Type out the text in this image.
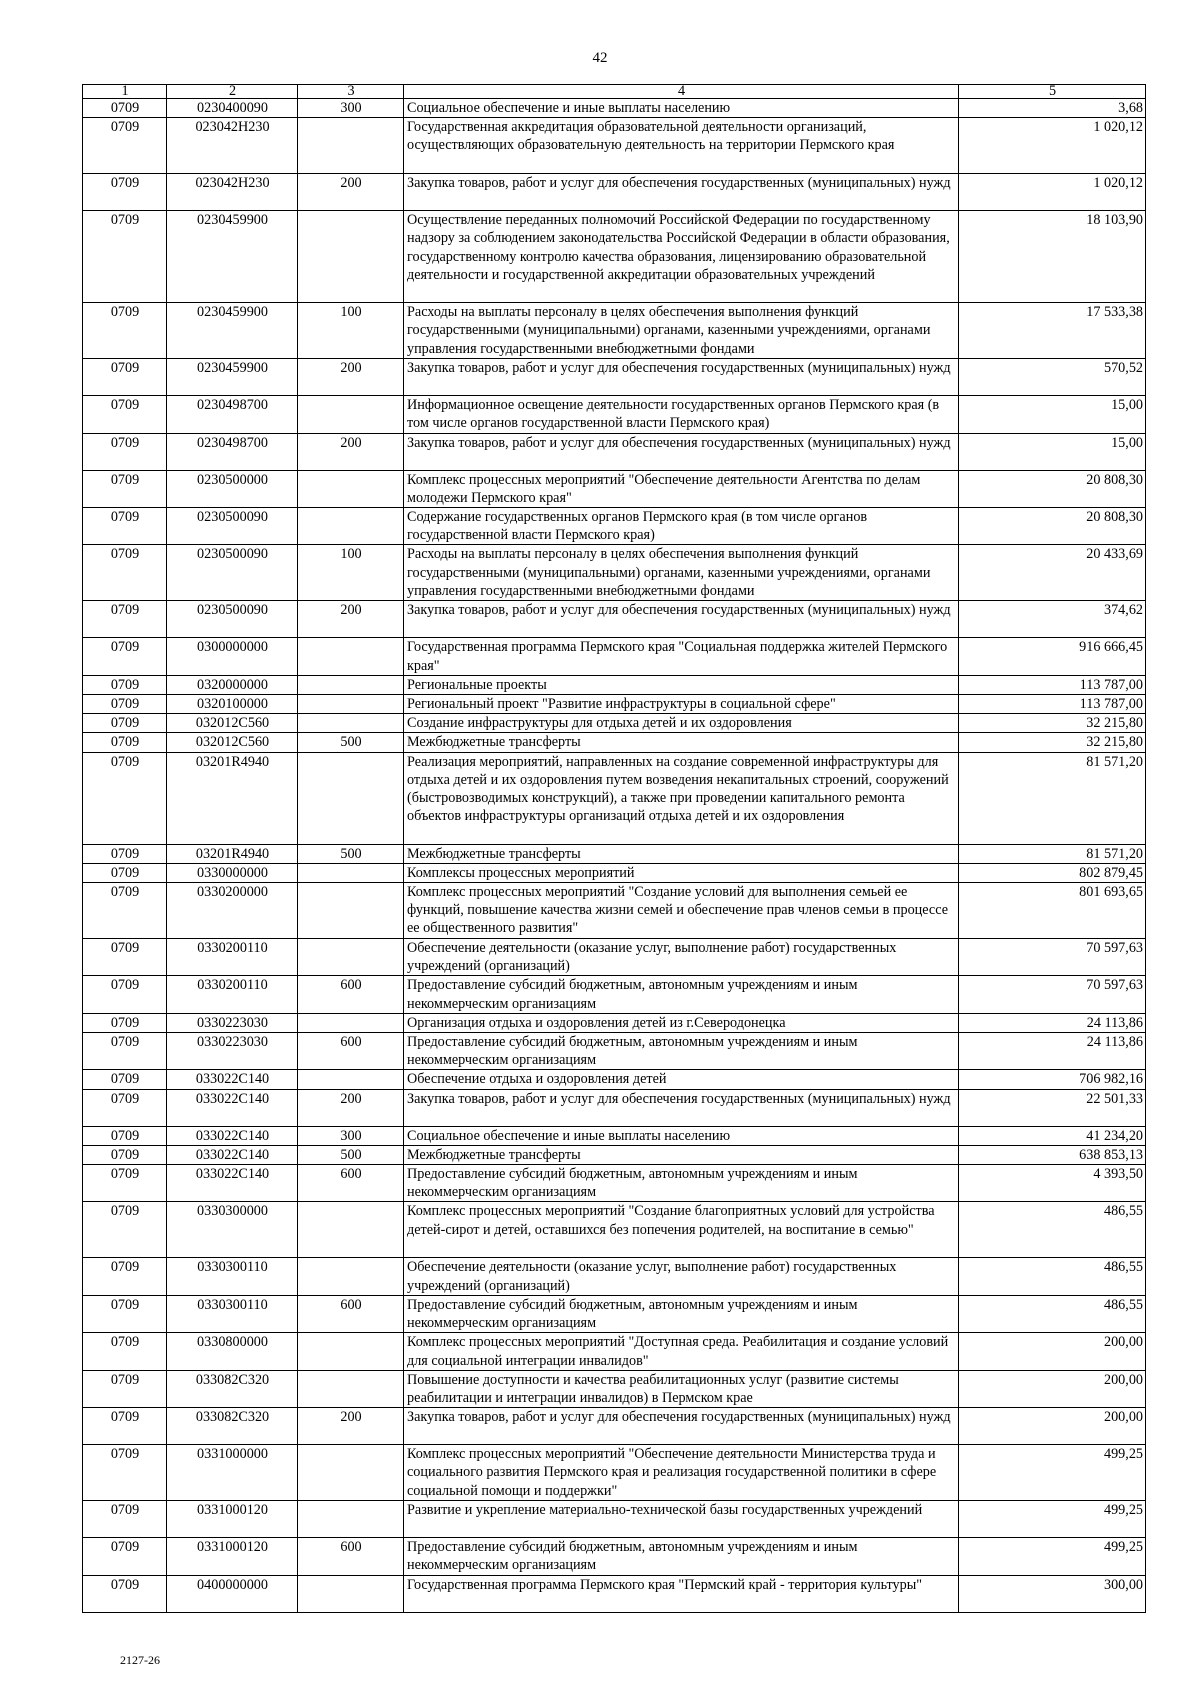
42
1	2	3	4	5
0709	0230400090	300	Социальное обеспечение и иные выплаты населению	3,68
0709	023042Н230		Государственная аккредитация образовательной деятельности организаций, осуществляющих образовательную деятельность на территории Пермского края	1 020,12
0709	023042Н230	200	Закупка товаров, работ и услуг для обеспечения государственных (муниципальных) нужд	1 020,12
0709	0230459900		Осуществление переданных полномочий Российской Федерации по государственному надзору за соблюдением законодательства Российской Федерации в области образования, государственному контролю качества образования, лицензированию образовательной деятельности и государственной аккредитации образовательных учреждений	18 103,90
0709	0230459900	100	Расходы на выплаты персоналу в целях обеспечения выполнения функций государственными (муниципальными) органами, казенными учреждениями, органами управления государственными внебюджетными фондами	17 533,38
0709	0230459900	200	Закупка товаров, работ и услуг для обеспечения государственных (муниципальных) нужд	570,52
0709	0230498700		Информационное освещение деятельности государственных органов Пермского края (в том числе органов государственной власти Пермского края)	15,00
0709	0230498700	200	Закупка товаров, работ и услуг для обеспечения государственных (муниципальных) нужд	15,00
0709	0230500000		Комплекс процессных мероприятий "Обеспечение деятельности Агентства по делам молодежи Пермского края"	20 808,30
0709	0230500090		Содержание государственных органов Пермского края (в том числе органов государственной власти Пермского края)	20 808,30
0709	0230500090	100	Расходы на выплаты персоналу в целях обеспечения выполнения функций государственными (муниципальными) органами, казенными учреждениями, органами управления государственными внебюджетными фондами	20 433,69
0709	0230500090	200	Закупка товаров, работ и услуг для обеспечения государственных (муниципальных) нужд	374,62
0709	0300000000		Государственная программа Пермского края "Социальная поддержка жителей Пермского края"	916 666,45
0709	0320000000		Региональные проекты	113 787,00
0709	0320100000		Региональный проект "Развитие инфраструктуры в социальной сфере"	113 787,00
0709	032012С560		Создание инфраструктуры для отдыха детей и их оздоровления	32 215,80
0709	032012С560	500	Межбюджетные трансферты	32 215,80
0709	03201R4940		Реализация мероприятий, направленных на создание современной инфраструктуры для отдыха детей и их оздоровления путем возведения некапитальных строений, сооружений (быстровозводимых конструкций), а также при проведении капитального ремонта объектов инфраструктуры организаций отдыха детей и их оздоровления	81 571,20
0709	03201R4940	500	Межбюджетные трансферты	81 571,20
0709	0330000000		Комплексы процессных мероприятий	802 879,45
0709	0330200000		Комплекс процессных мероприятий "Создание условий для выполнения семьей ее функций, повышение качества жизни семей и обеспечение прав членов семьи в процессе ее общественного развития"	801 693,65
0709	0330200110		Обеспечение деятельности (оказание услуг, выполнение работ) государственных учреждений (организаций)	70 597,63
0709	0330200110	600	Предоставление субсидий бюджетным, автономным учреждениям и иным некоммерческим организациям	70 597,63
0709	0330223030		Организация отдыха и оздоровления детей из г.Северодонецка	24 113,86
0709	0330223030	600	Предоставление субсидий бюджетным, автономным учреждениям и иным некоммерческим организациям	24 113,86
0709	033022С140		Обеспечение отдыха и оздоровления детей	706 982,16
0709	033022С140	200	Закупка товаров, работ и услуг для обеспечения государственных (муниципальных) нужд	22 501,33
0709	033022С140	300	Социальное обеспечение и иные выплаты населению	41 234,20
0709	033022С140	500	Межбюджетные трансферты	638 853,13
0709	033022С140	600	Предоставление субсидий бюджетным, автономным учреждениям и иным некоммерческим организациям	4 393,50
0709	0330300000		Комплекс процессных мероприятий "Создание благоприятных условий для устройства детей-сирот и детей, оставшихся без попечения родителей, на воспитание в семью"	486,55
0709	0330300110		Обеспечение деятельности (оказание услуг, выполнение работ) государственных учреждений (организаций)	486,55
0709	0330300110	600	Предоставление субсидий бюджетным, автономным учреждениям и иным некоммерческим организациям	486,55
0709	0330800000		Комплекс процессных мероприятий "Доступная среда. Реабилитация и создание условий для социальной интеграции инвалидов"	200,00
0709	033082С320		Повышение доступности и качества реабилитационных услуг (развитие системы реабилитации и интеграции инвалидов) в Пермском крае	200,00
0709	033082С320	200	Закупка товаров, работ и услуг для обеспечения государственных (муниципальных) нужд	200,00
0709	0331000000		Комплекс процессных мероприятий "Обеспечение деятельности Министерства труда и социального развития Пермского края и реализация государственной политики в сфере социальной помощи и поддержки"	499,25
0709	0331000120		Развитие и укрепление материально-технической базы государственных учреждений	499,25
0709	0331000120	600	Предоставление субсидий бюджетным, автономным учреждениям и иным некоммерческим организациям	499,25
0709	0400000000		Государственная программа Пермского края "Пермский край - территория культуры"	300,00
2127-26
